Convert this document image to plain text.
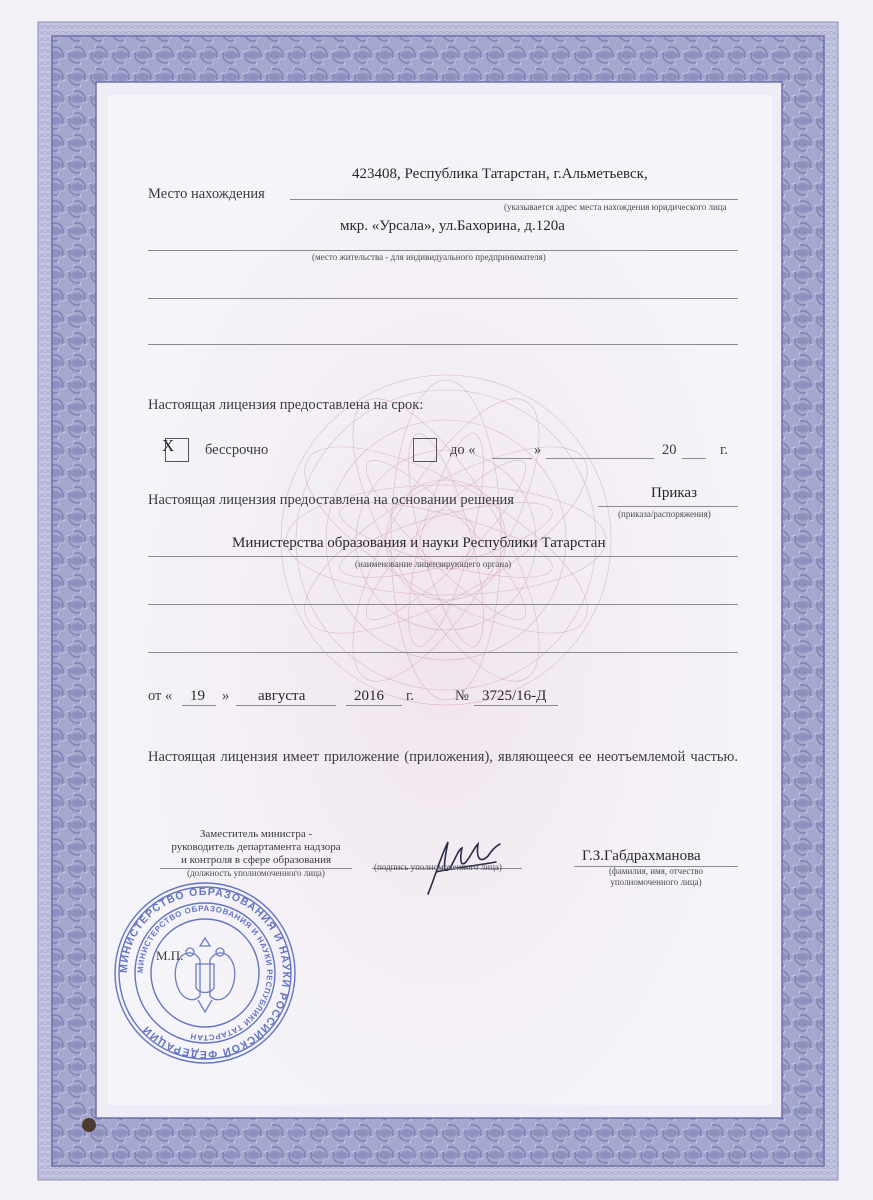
Место нахождения
423408, Республика Татарстан, г.Альметьевск,
(указывается адрес места нахождения юридического лица
мкр. «Урсала», ул.Бахорина, д.120а
(место жительства - для индивидуального предпринимателя)
Настоящая лицензия предоставлена на срок:
X бессрочно	до «	»	20	г.
Настоящая лицензия предоставлена на основании решения	Приказ
(приказа/распоряжения)
Министерства образования и науки Республики Татарстан
(наименование лицензирующего органа)
от « 19 » августа	2016 г.	№ 3725/16-Д
Настоящая лицензия имеет приложение (приложения), являющееся ее неотъемлемой частью.
Заместитель министра -
руководитель департамента надзора
и контроля в сфере образования
(должность уполномоченного лица)
(подпись уполномоченного лица)
Г.З.Габдрахманова
(фамилия, имя, отчество
уполномоченного лица)
МИНИСТЕРСТВО ОБРАЗОВАНИЯ И НАУКИ РОССИЙСКОЙ ФЕДЕРАЦИИ
МИНИСТЕРСТВО ОБРАЗОВАНИЯ И НАУКИ РЕСПУБЛИКИ ТАТАРСТАН
М.П.
